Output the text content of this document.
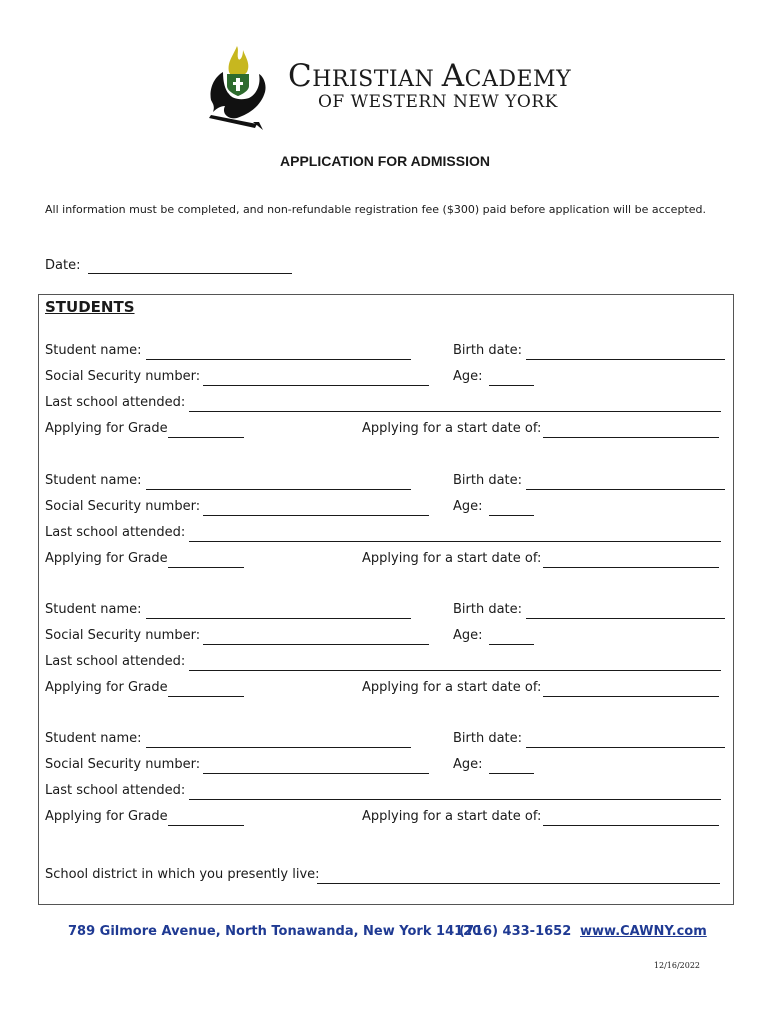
CHRISTIAN ACADEMY
OF WESTERN NEW YORK
APPLICATION FOR ADMISSION
All information must be completed, and non-refundable registration fee ($300) paid before application will be accepted.
Date:
STUDENTS
Student name:	Birth date:
Social Security number:	Age:
Last school attended:
Applying for Grade	Applying for a start date of:
Student name:	Birth date:
Social Security number:	Age:
Last school attended:
Applying for Grade	Applying for a start date of:
Student name:	Birth date:
Social Security number:	Age:
Last school attended:
Applying for Grade	Applying for a start date of:
Student name:	Birth date:
Social Security number:	Age:
Last school attended:
Applying for Grade	Applying for a start date of:
School district in which you presently live:
789 Gilmore Avenue, North Tonawanda, New York 14120
(716) 433-1652 www.CAWNY.com
12/16/2022
